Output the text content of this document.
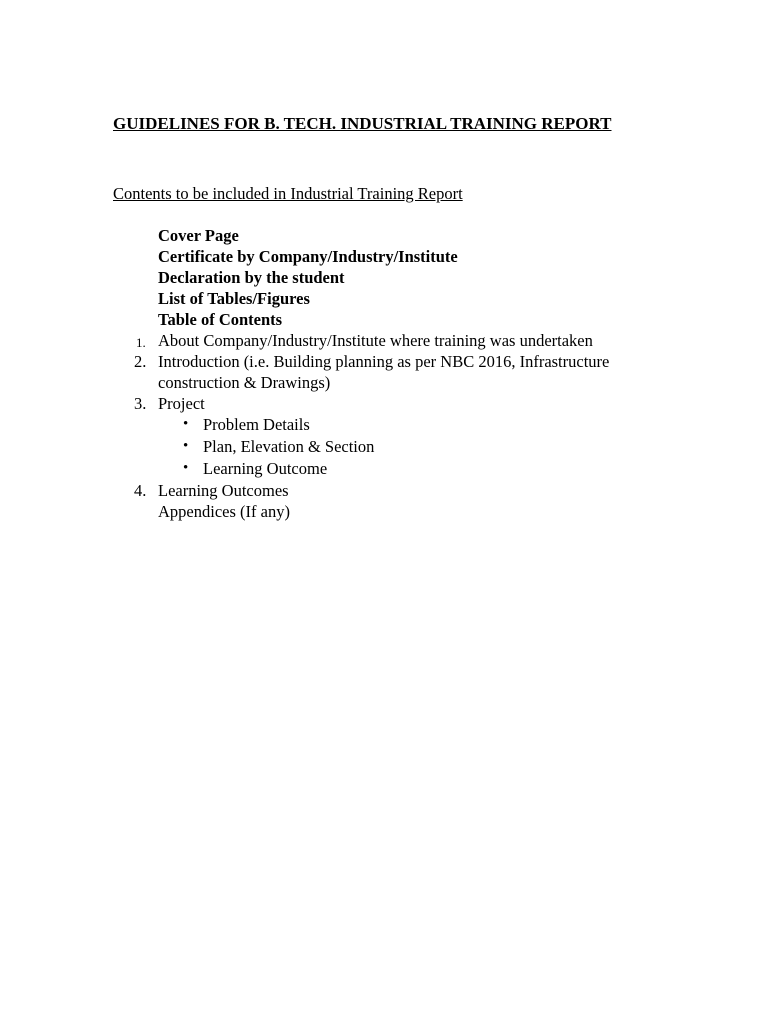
GUIDELINES FOR B. TECH. INDUSTRIAL TRAINING REPORT
Contents to be included in Industrial Training Report
Cover Page
Certificate by Company/Industry/Institute
Declaration by the student
List of Tables/Figures
Table of Contents
1. About Company/Industry/Institute where training was undertaken
2. Introduction (i.e. Building planning as per NBC 2016, Infrastructure
construction & Drawings)
3. Project
• Problem Details
• Plan, Elevation & Section
• Learning Outcome
4. Learning Outcomes
Appendices (If any)
